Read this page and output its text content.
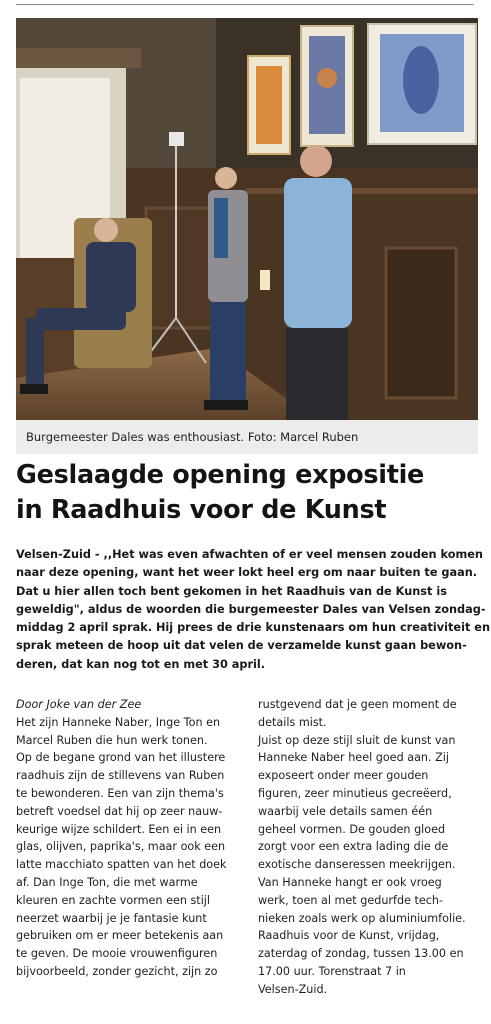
Burgemeester Dales was enthousiast. Foto: Marcel Ruben
Geslaagde opening expositie
in Raadhuis voor de Kunst
Velsen-Zuid - ,,Het was even afwachten of er veel mensen zouden komen
naar deze opening, want het weer lokt heel erg om naar buiten te gaan.
Dat u hier allen toch bent gekomen in het Raadhuis van de Kunst is
geweldig", aldus de woorden die burgemeester Dales van Velsen zondag-
middag 2 april sprak. Hij prees de drie kunstenaars om hun creativiteit en
sprak meteen de hoop uit dat velen de verzamelde kunst gaan bewon-
deren, dat kan nog tot en met 30 april.

Door Joke van der Zee

Het zijn Hanneke Naber, Inge Ton en
Marcel Ruben die hun werk tonen.
Op de begane grond van het illustere
raadhuis zijn de stillevens van Ruben
te bewonderen. Een van zijn thema's
betreft voedsel dat hij op zeer nauw-
keurige wijze schildert. Een ei in een
glas, olijven, paprika's, maar ook een
latte macchiato spatten van het doek
af. Dan Inge Ton, die met warme
kleuren en zachte vormen een stijl
neerzet waarbij je je fantasie kunt
gebruiken om er meer betekenis aan
te geven. De mooie vrouwenfiguren
bijvoorbeeld, zonder gezicht, zijn zo

rustgevend dat je geen moment de
details mist.
Juist op deze stijl sluit de kunst van
Hanneke Naber heel goed aan. Zij
exposeert onder meer gouden
figuren, zeer minutieus gecreëerd,
waarbij vele details samen één
geheel vormen. De gouden gloed
zorgt voor een extra lading die de
exotische danseressen meekrijgen.
Van Hanneke hangt er ook vroeg
werk, toen al met gedurfde tech-
nieken zoals werk op aluminiumfolie.
Raadhuis voor de Kunst, vrijdag,
zaterdag of zondag, tussen 13.00 en
17.00 uur. Torenstraat 7 in
Velsen-Zuid.
